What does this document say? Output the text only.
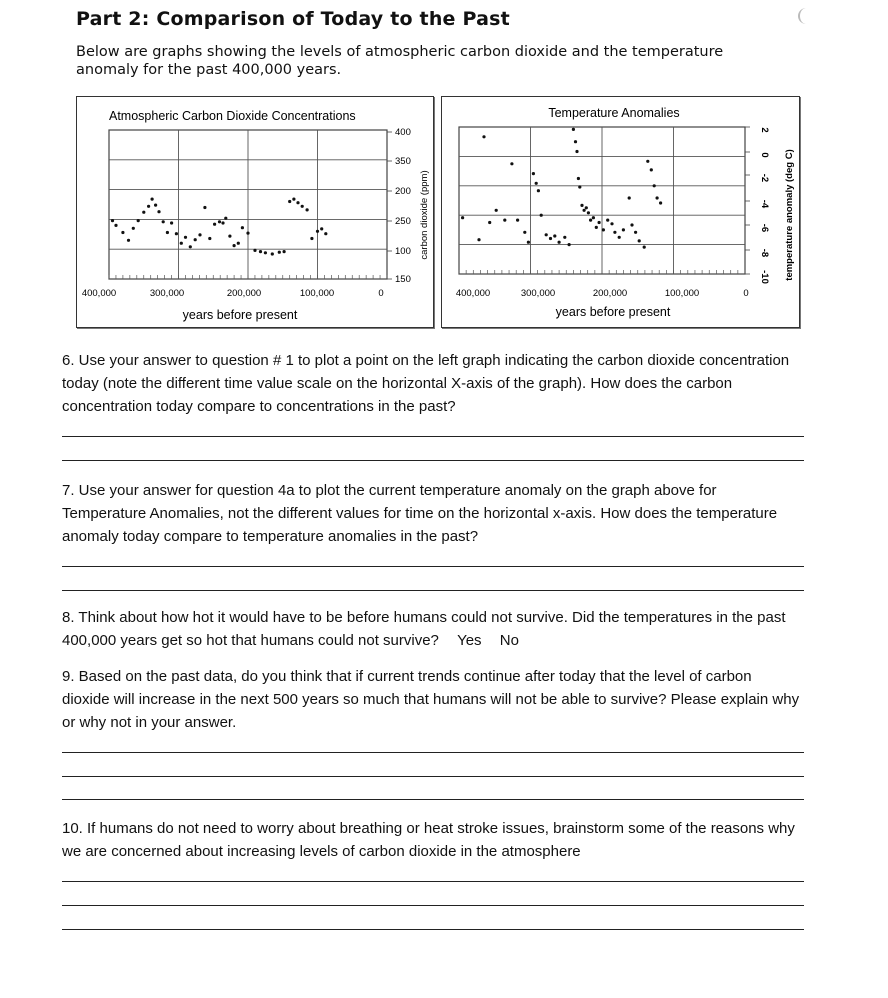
Part 2: Comparison of Today to the Past
Below are graphs showing the levels of atmospheric carbon dioxide and the temperature anomaly for the past 400,000 years.
Atmospheric Carbon Dioxide Concentrations
carbon dioxide (ppm)
years before present
400
350
200
250
100
150
400,000	300,000	200,000	100,000	0
Temperature Anomalies
temperature anomaly (deg C)
years before present
2
0
-2
-4
-6
-8
-10
400,000	300,000	200,000	100,000	0
6. Use your answer to question # 1 to plot a point on the left graph indicating the carbon dioxide concentration today (note the different time value scale on the horizontal X-axis of the graph). How does the carbon concentration today compare to concentrations in the past?
7. Use your answer for question 4a to plot the current temperature anomaly on the graph above for Temperature Anomalies, not the different values for time on the horizontal x-axis. How does the temperature anomaly today compare to temperature anomalies in the past?
8. Think about how hot it would have to be before humans could not survive. Did the temperatures in the past 400,000 years get so hot that humans could not survive? Yes No
9. Based on the past data, do you think that if current trends continue after today that the level of carbon dioxide will increase in the next 500 years so much that humans will not be able to survive? Please explain why or why not in your answer.
10. If humans do not need to worry about breathing or heat stroke issues, brainstorm some of the reasons why we are concerned about increasing levels of carbon dioxide in the atmosphere
